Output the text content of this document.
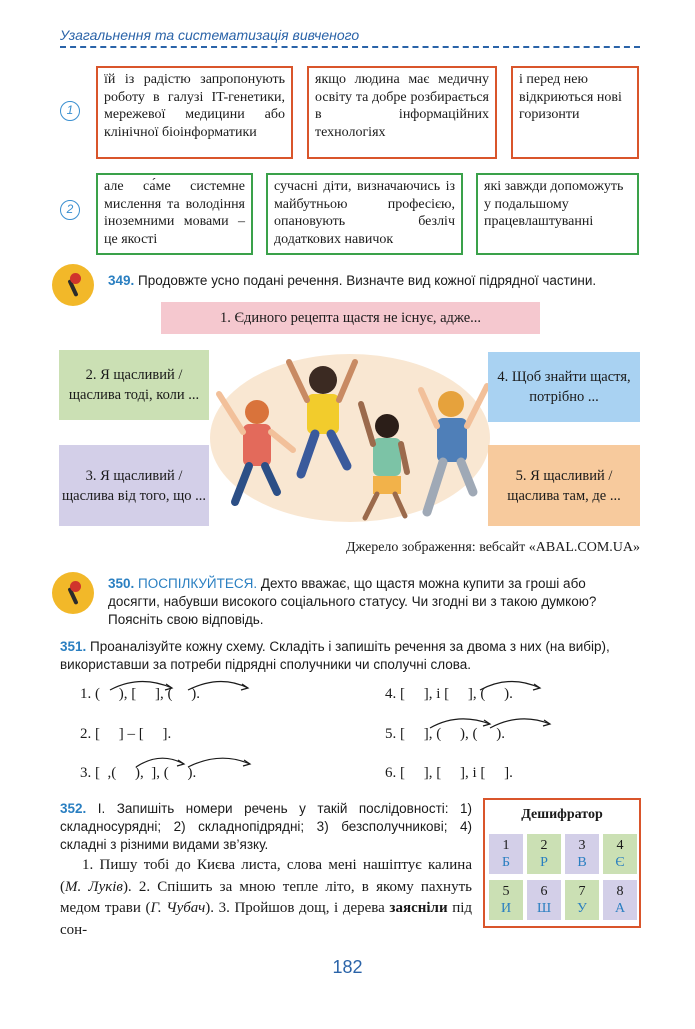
Узагальнення та систематизація вивченого
1
їй із радістю запропонують роботу в галузі IT-генетики, мережевої медицини або клінічної біоінформатики
якщо людина має медичну освіту та добре розбирається в інформаційних технологіях
і перед нею відкриються нові горизонти
2
але са́ме системне мислення та володіння іноземними мовами – це якості
сучасні діти, визначаючись із майбутньою професією, опановують безліч додаткових навичок
які завжди допоможуть у подальшому працевлаштуванні
349. Продовжте усно подані речення. Визначте вид кожної підрядної частини.
1. Єдиного рецепта щастя не існує, адже...
2. Я щасливий / щаслива тоді, коли ...
3. Я щасливий / щаслива від того, що ...
4. Щоб знайти щастя, потрібно ...
5. Я щасливий / щаслива там, де ...
Джерело зображення: вебсайт «ABAL.COM.UA»
350. ПОСПІЛКУЙТЕСЯ. Дехто вважає, що щастя можна купити за гроші або досягти, набувши високого соціального статусу. Чи згодні ви з такою думкою? Поясніть свою відповідь.
351. Проаналізуйте кожну схему. Складіть і запишіть речення за двома з них (на вибір), використавши за потреби підрядні сполучники чи сполучні слова.
1. (     ), [     ], (     ).
2. [     ] – [     ].
3. [  ,(     ),  ], (     ).
4. [     ], і [     ], (     ).
5. [     ], (     ), (     ).
6. [     ], [     ], і [     ].
352. І. Запишіть номери речень у такій послідовності: 1) складносурядні; 2) складнопідрядні; 3) безсполучникові; 4) складні з різними видами зв’язку.
1. Пишу тобі до Києва листа, слова мені нашіптує калина (М. Луків). 2. Спішить за мною тепле літо, в якому пахнуть медом трави (Г. Чубач). 3. Пройшов дощ, і дерева заясніли під сон-
Дешифратор
1
Б
2
Р
3
В
4
Є
5
И
6
Ш
7
У
8
А
182
